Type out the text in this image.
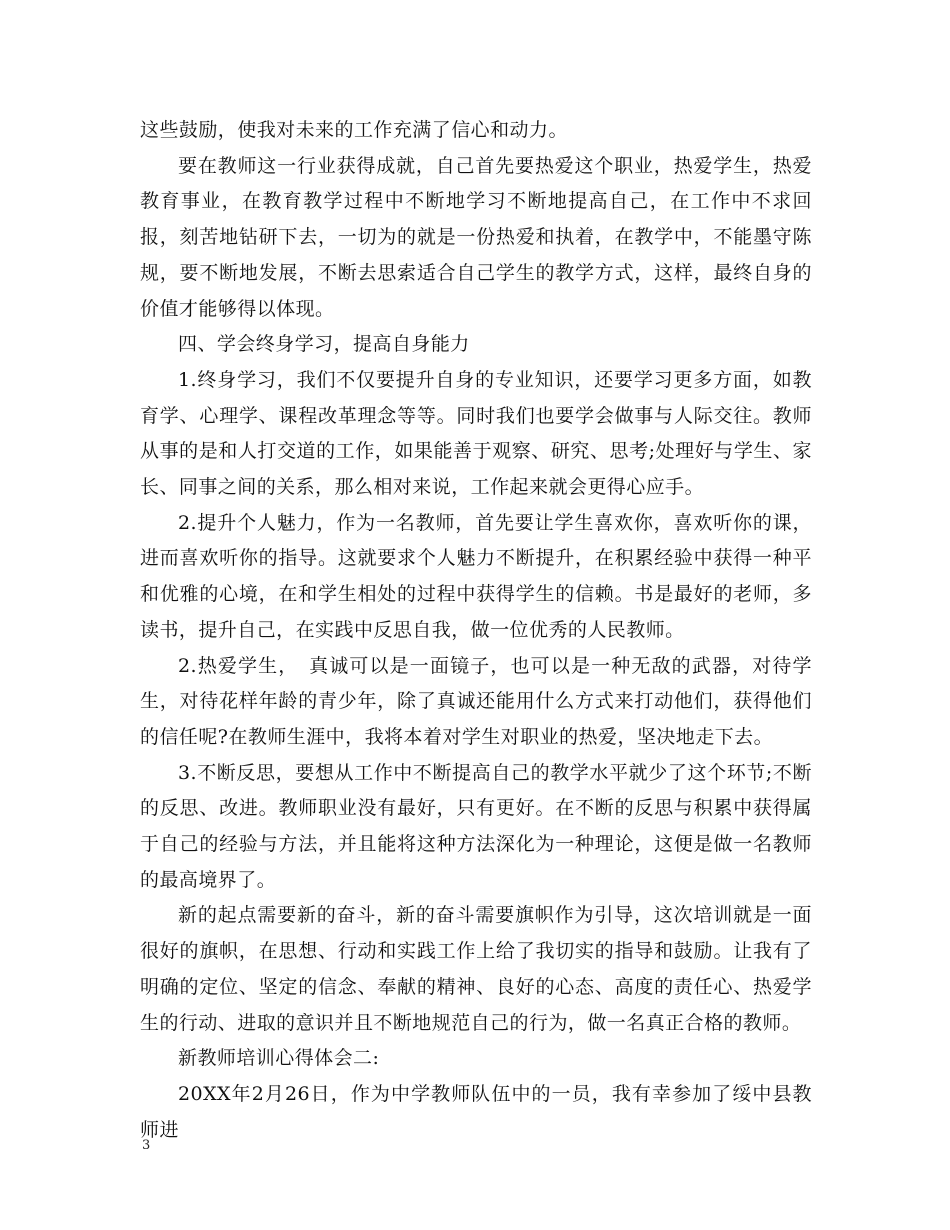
这些鼓励，使我对未来的工作充满了信心和动力。

要在教师这一行业获得成就，自己首先要热爱这个职业，热爱学生，热爱教育事业，在教育教学过程中不断地学习不断地提高自己，在工作中不求回报，刻苦地钻研下去，一切为的就是一份热爱和执着，在教学中，不能墨守陈规，要不断地发展，不断去思索适合自己学生的教学方式，这样，最终自身的价值才能够得以体现。

四、学会终身学习，提高自身能力

1.终身学习，我们不仅要提升自身的专业知识，还要学习更多方面，如教育学、心理学、课程改革理念等等。同时我们也要学会做事与人际交往。教师从事的是和人打交道的工作，如果能善于观察、研究、思考;处理好与学生、家长、同事之间的关系，那么相对来说，工作起来就会更得心应手。

2.提升个人魅力，作为一名教师，首先要让学生喜欢你，喜欢听你的课，进而喜欢听你的指导。这就要求个人魅力不断提升，在积累经验中获得一种平和优雅的心境，在和学生相处的过程中获得学生的信赖。书是最好的老师，多读书，提升自己，在实践中反思自我，做一位优秀的人民教师。

2.热爱学生，　真诚可以是一面镜子，也可以是一种无敌的武器，对待学生，对待花样年龄的青少年，除了真诚还能用什么方式来打动他们，获得他们的信任呢?在教师生涯中，我将本着对学生对职业的热爱，坚决地走下去。

3.不断反思，要想从工作中不断提高自己的教学水平就少了这个环节;不断的反思、改进。教师职业没有最好，只有更好。在不断的反思与积累中获得属于自己的经验与方法，并且能将这种方法深化为一种理论，这便是做一名教师的最高境界了。

新的起点需要新的奋斗，新的奋斗需要旗帜作为引导，这次培训就是一面很好的旗帜，在思想、行动和实践工作上给了我切实的指导和鼓励。让我有了明确的定位、坚定的信念、奉献的精神、良好的心态、高度的责任心、热爱学生的行动、进取的意识并且不断地规范自己的行为，做一名真正合格的教师。

新教师培训心得体会二:

20XX年2月26日，作为中学教师队伍中的一员，我有幸参加了绥中县教师进

3
